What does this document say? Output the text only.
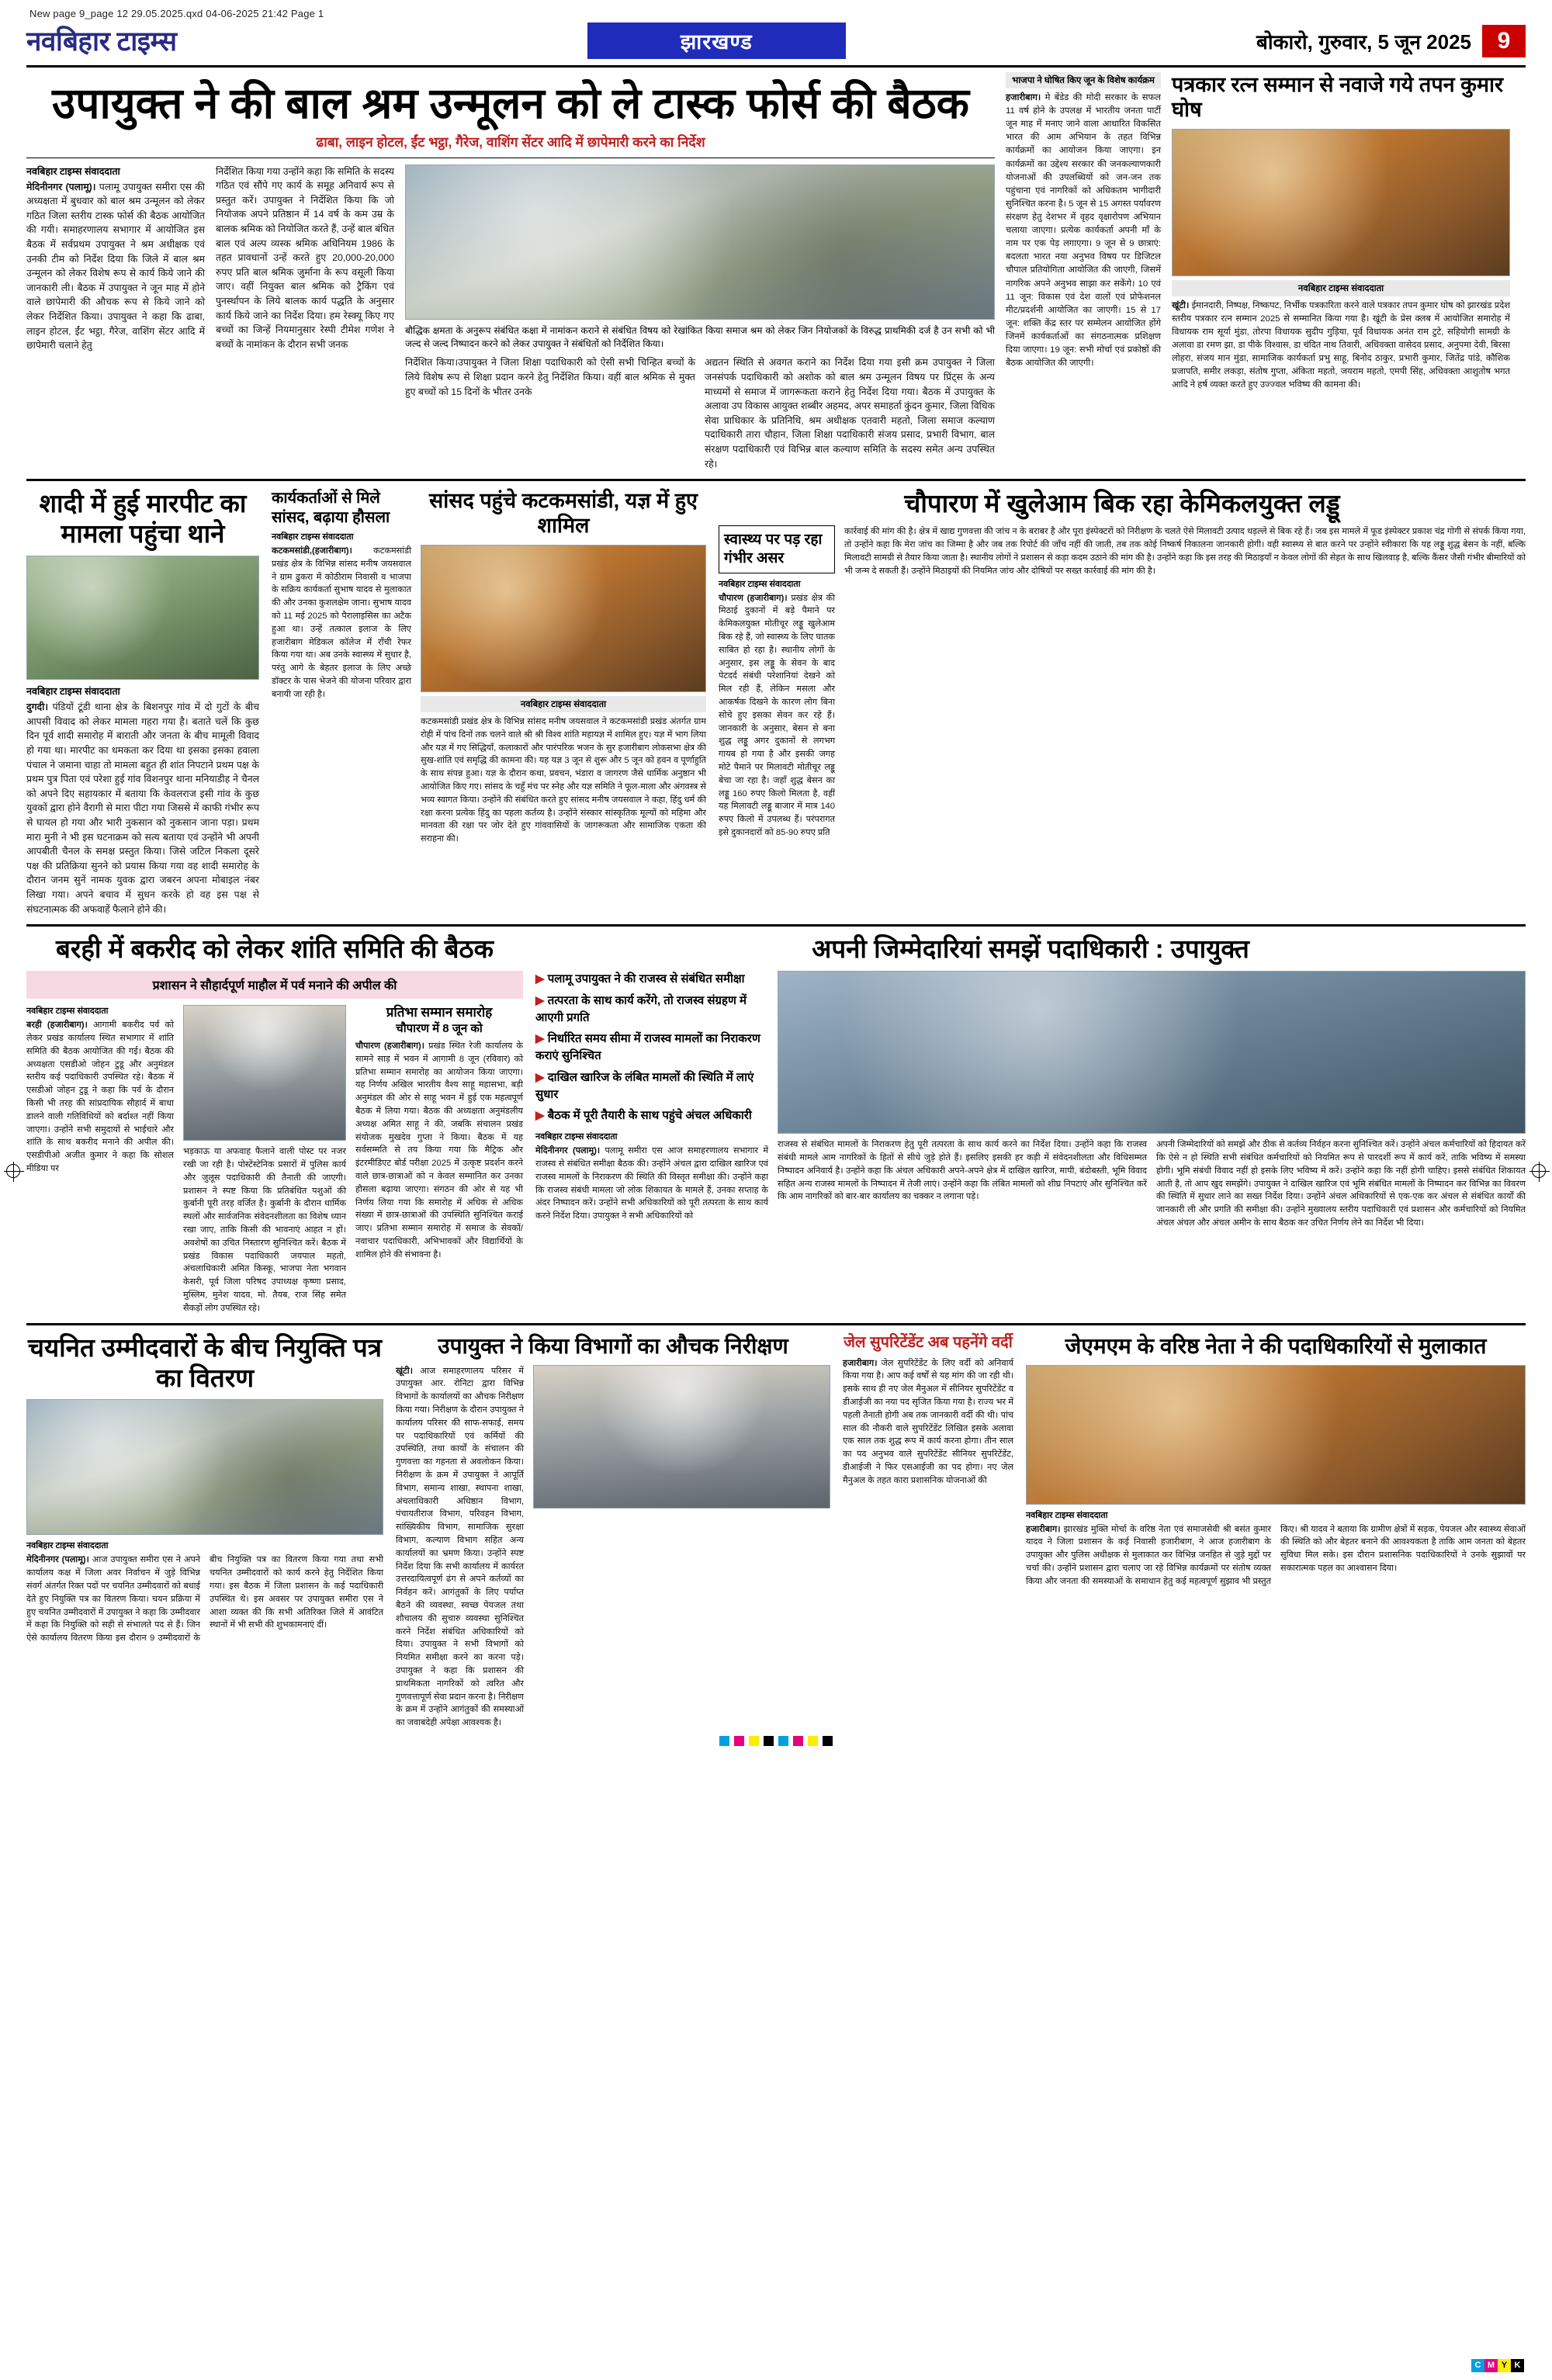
New page 9_page 12 29.05.2025.qxd 04-06-2025 21:42 Page 1
नवबिहार टाइम्स	झारखण्ड	बोकारो, गुरुवार, 5 जून 2025	9
उपायुक्त ने की बाल श्रम उन्मूलन को ले टास्क फोर्स की बैठक
ढाबा, लाइन होटल, ईंट भट्ठा, गैरेज, वाशिंग सेंटर आदि में छापेमारी करने का निर्देश
नवबिहार टाइम्स संवाददाता
मेदिनीनगर (पलामू)। पलामू उपायुक्त समीरा एस की अध्यक्षता में बुधवार को बाल श्रम उन्मूलन को लेकर गठित जिला स्तरीय टास्क फोर्स की बैठक आयोजित की गयी। समाहरणालय सभागार में आयोजित इस बैठक में सर्वप्रथम उपायुक्त ने श्रम अधीक्षक एवं उनकी टीम को निर्देश दिया कि जिले में बाल श्रम उन्मूलन को लेकर विशेष रूप से कार्य किये जाने की जानकारी ली। बैठक में उपायुक्त ने जून माह में होने वाले छापेमारी की औचक रूप से किये जाने को लेकर निर्देशित किया। उपायुक्त ने कहा कि ढाबा, लाइन होटल, ईंट भट्ठा, गैरेज, वाशिंग सेंटर आदि में छापेमारी चलाने हेतु
निर्देशित किया गया उन्होंने कहा कि समिति के सदस्य गठित एवं सौंपे गए कार्य के समूह अनिवार्य रूप से प्रस्तुत करें। उपायुक्त ने निर्देशित किया कि जो नियोजक अपने प्रतिष्ठान में 14 वर्ष के कम उम्र के बालक श्रमिक को नियोजित करते हैं, उन्हें बाल बंधित बाल एवं अल्प व्यस्क श्रमिक अधिनियम 1986 के तहत प्रावधानों उन्हें करते हुए 20,000-20,000 रुपए प्रति बाल श्रमिक जुर्माना के रूप वसूली किया जाए। वहीं नियुक्त बाल श्रमिक को ट्रैकिंग एवं पुनर्स्थापन के लिये बालक कार्य पद्धति के अनुसार कार्य किये जाने का निर्देश दिया। हम रेस्क्यू किए गए बच्चों का जिन्हें नियमानुसार रेस्पी टीमेश गणेश ने बच्चों के नामांकन के दौरान सभी जनक
बौद्धिक क्षमता के अनुरूप संबंधित कक्षा में नामांकन कराने से संबंधित विषय को रेखांकित किया समाज श्रम को लेकर जिन नियोजकों के विरुद्ध प्राथमिकी दर्ज है उन सभी को भी जल्द से जल्द निष्पादन करने को लेकर उपायुक्त ने संबंधितों को निर्देशित किया।
निर्देशित किया।उपायुक्त ने जिला शिक्षा पदाधिकारी को ऐसी सभी चिन्हित बच्चों के लिये विशेष रूप से शिक्षा प्रदान करने हेतु निर्देशित किया। वहीं बाल श्रमिक से मुक्त हुए बच्चों को 15 दिनों के भीतर उनके
अद्यतन स्थिति से अवगत कराने का निर्देश दिया गया इसी क्रम उपायुक्त ने जिला जनसंपर्क पदाधिकारी को अशोक को बाल श्रम उन्मूलन विषय पर प्रिंट्स के अन्य माध्यमों से समाज में जागरूकता कराने हेतु निर्देश दिया गया। बैठक में उपायुक्त के अलावा उप विकास आयुक्त शब्बीर अहमद, अपर समाहर्ता कुंदन कुमार, जिला विधिक सेवा प्राधिकार के प्रतिनिधि, श्रम अधीक्षक एतवारी महतो, जिला समाज कल्याण पदाधिकारी तारा चौहान, जिला शिक्षा पदाधिकारी संजय प्रसाद, प्रभारी विभाग, बाल संरक्षण पदाधिकारी एवं विभिन्न बाल कल्याण समिति के सदस्य समेत अन्य उपस्थित रहे।
भाजपा ने घोषित किए जून के विशेष कार्यक्रम
हजारीबाग। मे बेंडेड की मोदी सरकार के सफल 11 वर्ष होने के उपलक्ष में भारतीय जनता पार्टी जून माह में मनाए जाने वाला आधारित विकसित भारत की आम अभियान के तहत विभिन्न कार्यक्रमों का आयोजन किया जाएगा। इन कार्यक्रमों का उद्देश्य सरकार की जनकल्याणकारी योजनाओं की उपलब्धियों को जन-जन तक पहुंचाना एवं नागरिकों को अधिकतम भागीदारी सुनिश्चित करना है। 5 जून से 15 अगस्त पर्यावरण संरक्षण हेतु देशभर में वृहद वृक्षारोपण अभियान चलाया जाएगा। प्रत्येक कार्यकर्ता अपनी माँ के नाम पर एक पेड़ लगाएगा। 9 जून से 9 छात्राएं: बदलता भारत नया अनुभव विषय पर डिजिटल चौपाल प्रतियोगिता आयोजित की जाएगी, जिसमें नागरिक अपने अनुभव साझा कर सकेंगे। 10 एवं 11 जून: विकास एवं देश वालों एवं प्रोफेशनल मीट/प्रदर्शनी आयोजित का जाएगी। 15 से 17 जून: शक्ति केंद्र स्तर पर सम्मेलन आयोजित होंगे जिनमें कार्यकर्ताओं का संगठनात्मक प्रशिक्षण दिया जाएगा। 19 जून: सभी मोर्चा एवं प्रकोष्ठों की बैठक आयोजित की जाएगी।
पत्रकार रत्न सम्मान से नवाजे गये तपन कुमार घोष
नवबिहार टाइम्स संवाददाता
खूंटी। ईमानदारी, निष्पक्ष, निष्कपट, निर्भीक पत्रकारिता करने वाले पत्रकार तपन कुमार घोष को झारखंड प्रदेश स्तरीय पत्रकार रत्न सम्मान 2025 से सम्मानित किया गया है। खूंटी के प्रेस क्लब में आयोजित समारोह में विधायक राम सूर्या मुंडा, तोरपा विधायक सुदीप गुड़िया, पूर्व विधायक अनंत राम टुटे, सहियोगी सामग्री के अलावा डा रमण झा, डा पीके विश्वास, डा चंदित नाथ तिवारी, अधिवक्ता वासेदव प्रसाद, अनुपमा देवी, बिरसा लोहरा, संजय मान मुंडा, सामाजिक कार्यकर्ता प्रभु साहू, बिनोद ठाकुर, प्रभारी कुमार, जितेंद्र पांडे, कौशिक प्रजापति, समीर लकड़ा, संतोष गुप्ता, अंकिता महतो, जयराम महतो, एमपी सिंह, अधिवक्ता आशुतोष भगत आदि ने हर्ष व्यक्त करते हुए उज्ज्वल भविष्य की कामना की।
शादी में हुई मारपीट का मामला पहुंचा थाने
नवबिहार टाइम्स संवाददाता
दुगदी। पंडियों टूंडी थाना क्षेत्र के बिशनपुर गांव में दो गुटों के बीच आपसी विवाद को लेकर मामला गहरा गया है। बताते चलें कि कुछ दिन पूर्व शादी समारोह में बाराती और जनता के बीच मामूली विवाद हो गया था। मारपीट का धमकता कर दिया था इसका इसका हवाला पंचाल ने जमाना चाहा तो मामला बहुत ही शांत निपटाने प्रथम पक्ष के प्रथम पुत्र पिता एवं परेशा हुई गांव विशनपुर थाना मनियाडीह ने चैनल को अपने दिए सहायकार में बताया कि केवलराज इसी गांव के कुछ युवकों द्वारा होने वैरागी से मारा पीटा गया जिससे में काफी गंभीर रूप से घायल हो गया और भारी नुकसान को नुकसान जाना पड़ा। प्रथम मारा मुनी ने भी इस घटनाक्रम को सत्य बताया एवं उन्होंने भी अपनी आपबीती चैनल के समक्ष प्रस्तुत किया। जिसे जटिल निकला दूसरे पक्ष की प्रतिक्रिया सुनने को प्रयास किया गया वह शादी समारोह के दौरान जनम सुनें नामक युवक द्वारा जबरन अपना मोबाइल नंबर लिखा गया। अपने बचाव में सुधन करके हो वह इस पक्ष से संघटनात्मक की अफवाहें फैलाने होने की।
कार्यकर्ताओं से मिले सांसद, बढ़ाया हौसला
नवबिहार टाइम्स संवाददाता
कटकमसांडी,(हजारीबाग)। कटकमसांडी प्रखंड क्षेत्र के विभिन्न सांसद मनीष जयसवाल ने ग्राम ढुकरा में कोठीराम निवासी व भाजपा के सक्रिय कार्यकर्ता सुभाष यादव से मुलाकात की और उनका कुशलक्षेम जाना। सुभाष यादव को 11 मई 2025 को पैरालाइसिस का अटैक हुआ था। उन्हें तत्काल इलाज के लिए हजारीबाग मेडिकल कॉलेज में राँची रेफर किया गया था। अब उनके स्वास्थ्य में सुधार है, परंतु आगे के बेहतर इलाज के लिए अच्छे डॉक्टर के पास भेजने की योजना परिवार द्वारा बनायी जा रही है।
सांसद पहुंचे कटकमसांडी, यज्ञ में हुए शामिल
नवबिहार टाइम्स संवाददाता
कटकमसांडी प्रखंड क्षेत्र के विभिन्न सांसद मनीष जयसवाल ने कटकमसांडी प्रखंड अंतर्गत ग्राम रोही में पांच दिनों तक चलने वाले श्री श्री विश्व शांति महायज्ञ में शामिल हुए। यज्ञ में भाग लिया और यज्ञ में गए सिद्धियाँ, कलाकारों और पारंपरिक भजन के सुर हजारीबाग लोकसभा क्षेत्र की सुख-शांति एवं समृद्धि की कामना की। यह यज्ञ 3 जून से शुरू और 5 जून को हवन व पूर्णाहुति के साथ संपन्न हुआ। यज्ञ के दौरान कथा, प्रवचन, भंडारा व जागरण जैसे धार्मिक अनुष्ठान भी आयोजित किए गए। सांसद के चहुँ मंच पर स्नेह और यज्ञ समिति ने फूल-माला और अंगवस्त्र से भव्य स्वागत किया। उन्होंने की संबंधित करते हुए सांसद मनीष जयसवाल ने कहा, हिंदु धर्म की रक्षा करना प्रत्येक हिंदु का पहला कर्तव्य है। उन्होंने संस्कार सांस्कृतिक मूल्यों को महिमा और मानवता की रक्षा पर जोर देते हुए गांववासियों के जागरूकता और सामाजिक एकता की सराहना की।
चौपारण में खुलेआम बिक रहा केमिकलयुक्त लड्डू
स्वास्थ्य पर पड़ रहा गंभीर असर
नवबिहार टाइम्स संवाददाता
चौपारण (हजारीबाग)। प्रखंड क्षेत्र की मिठाई दुकानों में बड़े पैमाने पर केमिकलयुक्त मोतीचूर लड्डू खुलेआम बिक रहे हैं, जो स्वास्थ्य के लिए घातक साबित हो रहा है। स्थानीय लोगों के अनुसार, इस लड्डू के सेवन के बाद पेटदर्द संबंधी परेशानियां देखने को मिल रही हैं, लेकिन मसला और आकर्षक दिखने के कारण लोग बिना सोचे हुए इसका सेवन कर रहे हैं। जानकारी के अनुसार, बेसन से बना शुद्ध लड्डू अगर दुकानों से लगभग गायब हो गया है और इसकी जगह मोटे पैमाने पर मिलावटी मोतीचूर लड्डू बेचा जा रहा है। जहाँ शुद्ध बेसन का लड्डू 160 रुपए किलो मिलता है, वहीं यह मिलावटी लड्डू बाजार में मात्र 140 रुपए किलो में उपलब्ध हैं। परंपरागत इसे दुकानदारों को 85-90 रुपए प्रति
कार्रवाई की मांग की है। क्षेत्र में खाद्य गुणवत्ता की जांच न के बराबर है और पूरा इंस्पेक्टरों को निरीक्षण के चलते ऐसे मिलावटी उत्पाद धड़ल्ले से बिक रहे हैं। जब इस मामले में फूड इंस्पेक्टर प्रकाश चंद्र गोगी से संपर्क किया गया, तो उन्होंने कहा कि मेरा जांच का जिम्मा है और जब तक रिपोर्ट की जाँच नहीं की जाती, तब तक कोई निष्कर्ष निकालना जानकारी होगी। वही स्वास्थ्य से बात करने पर उन्होंने स्वीकारा कि यह लड्डू शुद्ध बेसन के नहीं, बल्कि मिलावटी सामग्री से तैयार किया जाता है। स्थानीय लोगों ने प्रशासन से कड़ा कदम उठाने की मांग की है। उन्होंने कहा कि इस तरह की मिठाइयाँ न केवल लोगों की सेहत के साथ खिलवाड़ है, बल्कि कैंसर जैसी गंभीर बीमारियों को भी जन्म दे सकती हैं। उन्होंने मिठाइयों की नियमित जांच और दोषियों पर सख्त कार्रवाई की मांग की है।
बरही में बकरीद को लेकर शांति समिति की बैठक
प्रशासन ने सौहार्दपूर्ण माहौल में पर्व मनाने की अपील की
नवबिहार टाइम्स संवाददाता
बरही (हजारीबाग)। आगामी बकरीद पर्व को लेकर प्रखंड कार्यालय स्थित सभागार में शांति समिति की बैठक आयोजित की गई। बैठक की अध्यक्षता एसडीओ जोहन टुडू और अनुमंडल स्तरीय कई पदाधिकारी उपस्थित रहे। बैठक में एसडीओ जोहन टुडू ने कहा कि पर्व के दौरान किसी भी तरह की सांप्रदायिक सौहार्द में बाधा डालने वाली गतिविधियों को बर्दाश्त नहीं किया जाएगा। उन्होंने सभी समुदायों से भाईचारे और शांति के साथ बकरीद मनाने की अपील की। एसडीपीओ अजीत कुमार ने कहा कि सोशल मीडिया पर
भड़काऊ या अफवाह फैलाने वाली पोस्ट पर नजर रखी जा रही है। पोस्टेंस्टेनिक प्रसारों में पुलिस कार्य और जुलूस पदाधिकारी की तैनाती की जाएगी। प्रशासन ने स्पष्ट किया कि प्रतिबंधित पशुओं की कुर्बानी पूरी तरह वर्जित है। कुर्बानी के दौरान धार्मिक स्थलों और सार्वजनिक संवेदनशीलता का विशेष ध्यान रखा जाए, ताकि किसी की भावनाएं आहत न हों। अवशेषों का उचित निस्तारण सुनिश्चित करें। बैठक में प्रखंड विकास पदाधिकारी जयपाल महतो, अंचलाधिकारी अमित किस्कू, भाजपा नेता भगवान केसरी, पूर्व जिला परिषद उपाध्यक्ष कृष्णा प्रसाद, मुस्लिम, मुनेश यादव, मो. तैयब, राज सिंह समेत सैकड़ों लोग उपस्थित रहे।
प्रतिभा सम्मान समारोह
चौपारण में 8 जून को
चौपारण (हजारीबाग)। प्रखंड स्थित रेजी कार्यालय के सामने साड़ में भवन में आगामी 8 जून (रविवार) को प्रतिभा सम्मान समारोह का आयोजन किया जाएगा। यह निर्णय अखिल भारतीय वैश्य साहू महासभा, बड़ी अनुमंडल की ओर से साहू भवन में हुई एक महत्वपूर्ण बैठक में लिया गया। बैठक की अध्यक्षता अनुमंडलीय अध्यक्ष अमित साहू ने की, जबकि संचालन प्रखंड संयोजक मुखदेव गुप्ता ने किया। बैठक में यह सर्वसम्मति से तय किया गया कि मैट्रिक और इंटरमीडिएट बोर्ड परीक्षा 2025 में उत्कृष्ट प्रदर्शन करने वाले छात्र-छात्राओं को न केवल सम्मानित कर उनका हौसला बढ़ाया जाएगा। संगठन की ओर से यह भी निर्णय लिया गया कि समारोह में अधिक से अधिक संख्या में छात्र-छात्राओं की उपस्थिति सुनिश्चित कराई जाए। प्रतिभा सम्मान समारोह में समाज के सेवकों/ नवाचार पदाधिकारी, अभिभावकों और विद्यार्थियों के शामिल होने की संभावना है।
अपनी जिम्मेदारियां समझें पदाधिकारी : उपायुक्त
▶ पलामू उपायुक्त ने की राजस्व से संबंधित समीक्षा
▶ तत्परता के साथ कार्य करेंगे, तो राजस्व संग्रहण में आएगी प्रगति
▶ निर्धारित समय सीमा में राजस्व मामलों का निराकरण कराएं सुनिश्चित
▶ दाखिल खारिज के लंबित मामलों की स्थिति में लाएं सुधार
▶ बैठक में पूरी तैयारी के साथ पहुंचे अंचल अधिकारी
नवबिहार टाइम्स संवाददाता
मेदिनीनगर (पलामू)। पलामू समीरा एस आज समाहरणालय सभागार में राजस्व से संबंधित समीक्षा बैठक की। उन्होंने अंचल द्वारा दाखिल खारिज एवं राजस्व मामलों के निराकरण की स्थिति की विस्तृत समीक्षा की। उन्होंने कहा कि राजस्व संबंधी मामला जो लोक शिकायत के मामले हैं, उनका सप्ताह के अंदर निष्पादन करें। उन्होंने सभी अधिकारियों को पूरी तत्परता के साथ कार्य करने निर्देश दिया। उपायुक्त ने सभी अधिकारियों को
राजस्व से संबंधित मामलों के निराकरण हेतु पूरी तत्परता के साथ कार्य करने का निर्देश दिया। उन्होंने कहा कि राजस्व संबंधी मामले आम नागरिकों के हितों से सीधे जुड़े होते हैं। इसलिए इसकी हर कड़ी में संवेदनशीलता और विधिसम्मत निष्पादन अनिवार्य है। उन्होंने कहा कि अंचल अधिकारी अपने-अपने क्षेत्र में दाखिल खारिज, मापी, बंदोबस्ती, भूमि विवाद सहित अन्य राजस्व मामलों के निष्पादन में तेजी लाएं। उन्होंने कहा कि लंबित मामलों को शीघ्र निपटाएं और सुनिश्चित करें कि आम नागरिकों को बार-बार कार्यालय का चक्कर न लगाना पड़े।
अपनी जिम्मेदारियों को समझें और ठीक से कर्तव्य निर्वहन करना सुनिश्चित करें। उन्होंने अंचल कर्मचारियों को हिदायत करें कि ऐसे न हो स्थिति सभी संबंधित कर्मचारियों को नियमित रूप से पारदर्शी रूप में कार्य करें, ताकि भविष्य में समस्या होगी। भूमि संबंधी विवाद नहीं हो इसके लिए भविष्य में करें। उन्होंने कहा कि नहीं होगी चाहिए। इससे संबंधित शिकायत आती है, तो आप खुद समझेंगे। उपायुक्त ने दाखिल खारिज एवं भूमि संबंधित मामलों के निष्पादन कर विभिन्न का विवरण की स्थिति में सुधार लाने का सख्त निर्देश दिया। उन्होंने अंचल अधिकारियों से एक-एक कर अंचल से संबंधित कार्यों की जानकारी ली और प्रगति की समीक्षा की। उन्होंने मुख्यालय स्तरीय पदाधिकारी एवं प्रशासन और कर्मचारियों को नियमित अंचल अंचल और अंचल अमीन के साथ बैठक कर उचित निर्णय लेने का निर्देश भी दिया।
चयनित उम्मीदवारों के बीच नियुक्ति पत्र का वितरण
नवबिहार टाइम्स संवाददाता
मेदिनीनगर (पलामू)। आज उपायुक्त समीरा एस ने अपने कार्यालय कक्ष में जिला अवर निर्वाचन में जुड़े विभिन्न संवर्ग अंतर्गत रिक्त पदों पर चयनित उम्मीदवारों को बधाई देते हुए नियुक्ति पत्र का वितरण किया। चयन प्रक्रिया में हुए चयनित उम्मीदवारों में उपायुक्त ने कहा कि उम्मीदवार में कहा कि नियुक्ति को सही से संभालते पद से हैं। जिन ऐसे कार्यालय वितरण किया इस दौरान 9 उम्मीदवारों के बीच नियुक्ति पत्र का वितरण किया गया तथा सभी चयनित उम्मीदवारों को कार्य करने हेतु निर्देशित किया गया। इस बैठक में जिला प्रशासन के कई पदाधिकारी उपस्थित थे। इस अवसर पर उपायुक्त समीरा एस ने आशा व्यक्त की कि सभी अतिरिक्त जिले में आवंटित स्थानों में भी सभी की शुभकामनाएं दीं।
उपायुक्त ने किया विभागों का औचक निरीक्षण
खूंटी। आज समाहरणालय परिसर में उपायुक्त आर. रोनिटा द्वारा विभिन्न विभागों के कार्यालयों का औचक निरीक्षण किया गया। निरीक्षण के दौरान उपायुक्त ने कार्यालय परिसर की साफ-सफाई, समय पर पदाधिकारियों एवं कर्मियों की उपस्थिति, तथा कार्यों के संचालन की गुणवत्ता का गहनता से अवलोकन किया। निरीक्षण के क्रम में उपायुक्त ने आपूर्ति विभाग, समान्य शाखा, स्थापना शाखा, अंचलाधिकारी अधिष्ठान विभाग, पंचायतीराज विभाग, परिवहन विभाग, सांख्यिकीय विभाग, सामाजिक सुरक्षा विभाग, कल्याण विभाग सहित अन्य कार्यालयों का भ्रमण किया। उन्होंने स्पष्ट निर्देश दिया कि सभी कार्यालय में कार्यरत उत्तरदायित्वपूर्ण ढंग से अपने कर्तव्यों का निर्वहन करें। आगंतुकों के लिए पर्याप्त बैठने की व्यवस्था, स्वच्छ पेयजल तथा शौचालय की सुचारु व्यवस्था सुनिश्चित करने निर्देश संबंधित अधिकारियों को दिया। उपायुक्त ने सभी विभागों को नियमित समीक्षा करने का करना पड़े। उपायुक्त ने कहा कि प्रशासन की प्राथमिकता नागरिकों को त्वरित और गुणवत्तापूर्ण सेवा प्रदान करना है। निरीक्षण के क्रम में उन्होंने आगंतुकों की समस्याओं का जवाबदेही अपेक्षा आवश्यक है।
जेल सुपरिटेंडेंट अब पहनेंगे वर्दी
हजारीबाग। जेल सुपरिटेंडेंट के लिए वर्दी को अनिवार्य किया गया है। आप कई वर्षों से यह मांग की जा रही थी। इसके साथ ही नए जेल मैनुअल में सीनियर सुपरिटेंडेंट व डीआईजी का नया पद सृजित किया गया है। राज्य भर में पहली तैनाती होगी अब तक जानकारी वर्दी की थी। पांच साल की नौकरी वाले सुपरिटेंडेंट लिखित इसके अलावा एक साल तक शुद्ध रूप में कार्य करना होगा। तीन साल का पद अनुभव वाले सुपरिटेंडेंट सीनियर सुपरिटेंडेंट, डीआईजी ने फिर एसआईजी का पद होगा। नए जेल मैनुअल के तहत कारा प्रशासनिक योजनाओं की
जेएमएम के वरिष्ठ नेता ने की पदाधिकारियों से मुलाकात
नवबिहार टाइम्स संवाददाता
हजारीबाग। झारखंड मुक्ति मोर्चा के वरिष्ठ नेता एवं समाजसेवी श्री बसंत कुमार यादव ने जिला प्रशासन के कई निवासी हजारीबाग, ने आज हजारीबाग के उपायुक्त और पुलिस अधीक्षक से मुलाकात कर विभिन्न जनहित से जुड़े मुद्दों पर चर्चा की। उन्होंने प्रशासन द्वारा चलाए जा रहे विभिन्न कार्यक्रमों पर संतोष व्यक्त किया और जनता की समस्याओं के समाधान हेतु कई महत्वपूर्ण सुझाव भी प्रस्तुत किए। श्री यादव ने बताया कि ग्रामीण क्षेत्रों में सड़क, पेयजल और स्वास्थ्य सेवाओं की स्थिति को और बेहतर बनाने की आवश्यकता है ताकि आम जनता को बेहतर सुविधा मिल सके। इस दौरान प्रशासनिक पदाधिकारियों ने उनके सुझावों पर सकारात्मक पहल का आश्वासन दिया।
C M Y K
